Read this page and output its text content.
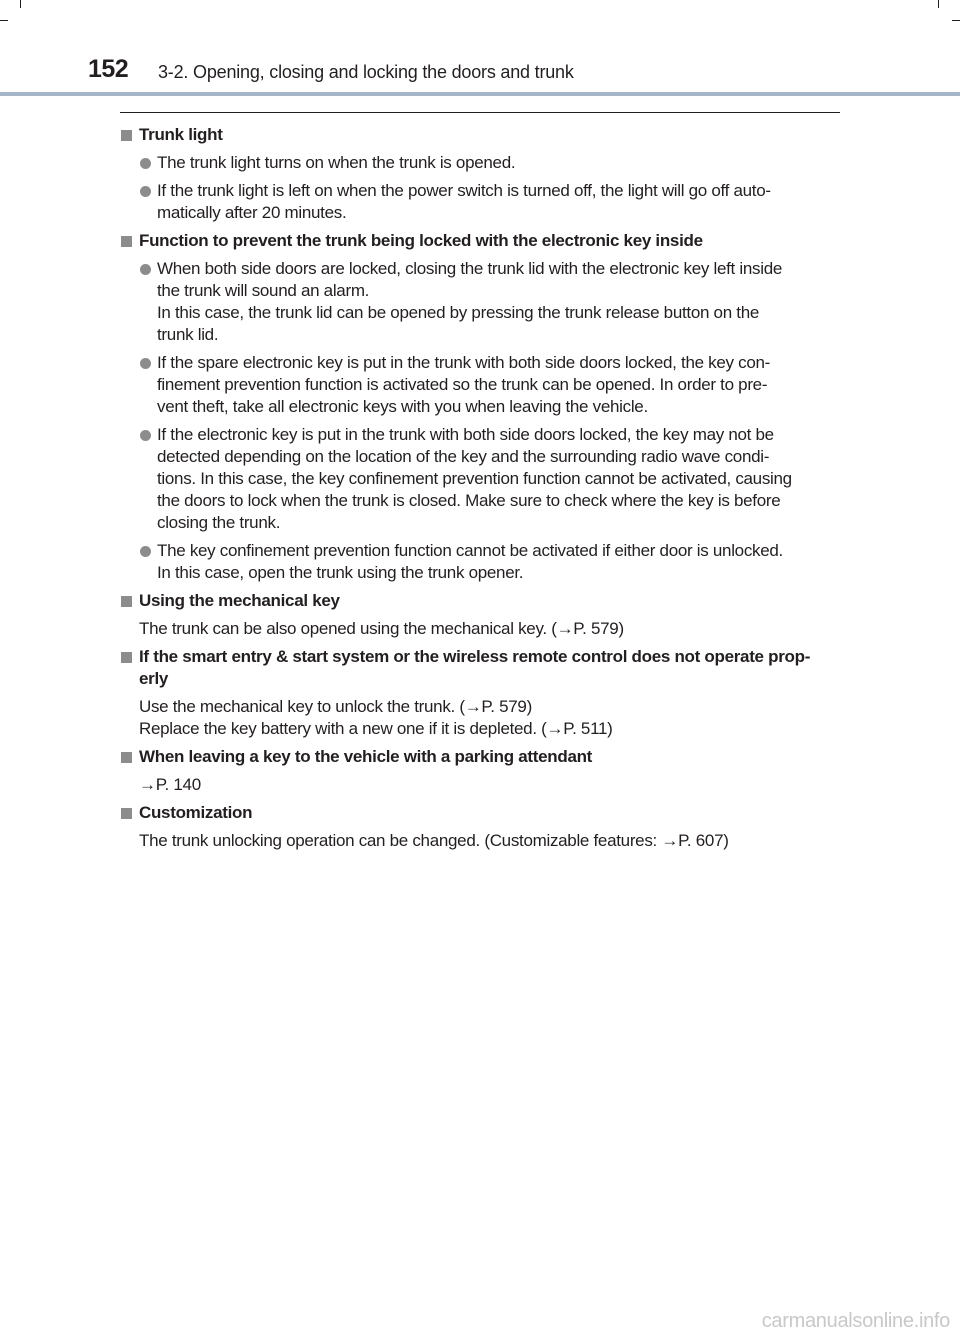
152 3-2. Opening, closing and locking the doors and trunk
Trunk light
The trunk light turns on when the trunk is opened.
If the trunk light is left on when the power switch is turned off, the light will go off auto-
matically after 20 minutes.
Function to prevent the trunk being locked with the electronic key inside
When both side doors are locked, closing the trunk lid with the electronic key left inside
the trunk will sound an alarm.
In this case, the trunk lid can be opened by pressing the trunk release button on the
trunk lid.
If the spare electronic key is put in the trunk with both side doors locked, the key con-
finement prevention function is activated so the trunk can be opened. In order to pre-
vent theft, take all electronic keys with you when leaving the vehicle.
If the electronic key is put in the trunk with both side doors locked, the key may not be
detected depending on the location of the key and the surrounding radio wave condi-
tions. In this case, the key confinement prevention function cannot be activated, causing
the doors to lock when the trunk is closed. Make sure to check where the key is before
closing the trunk.
The key confinement prevention function cannot be activated if either door is unlocked.
In this case, open the trunk using the trunk opener.
Using the mechanical key
The trunk can be also opened using the mechanical key. (→P. 579)
If the smart entry & start system or the wireless remote control does not operate prop-
erly
Use the mechanical key to unlock the trunk. (→P. 579)
Replace the key battery with a new one if it is depleted. (→P. 511)
When leaving a key to the vehicle with a parking attendant
→P. 140
Customization
The trunk unlocking operation can be changed. (Customizable features: →P. 607)
carmanualsonline.info
